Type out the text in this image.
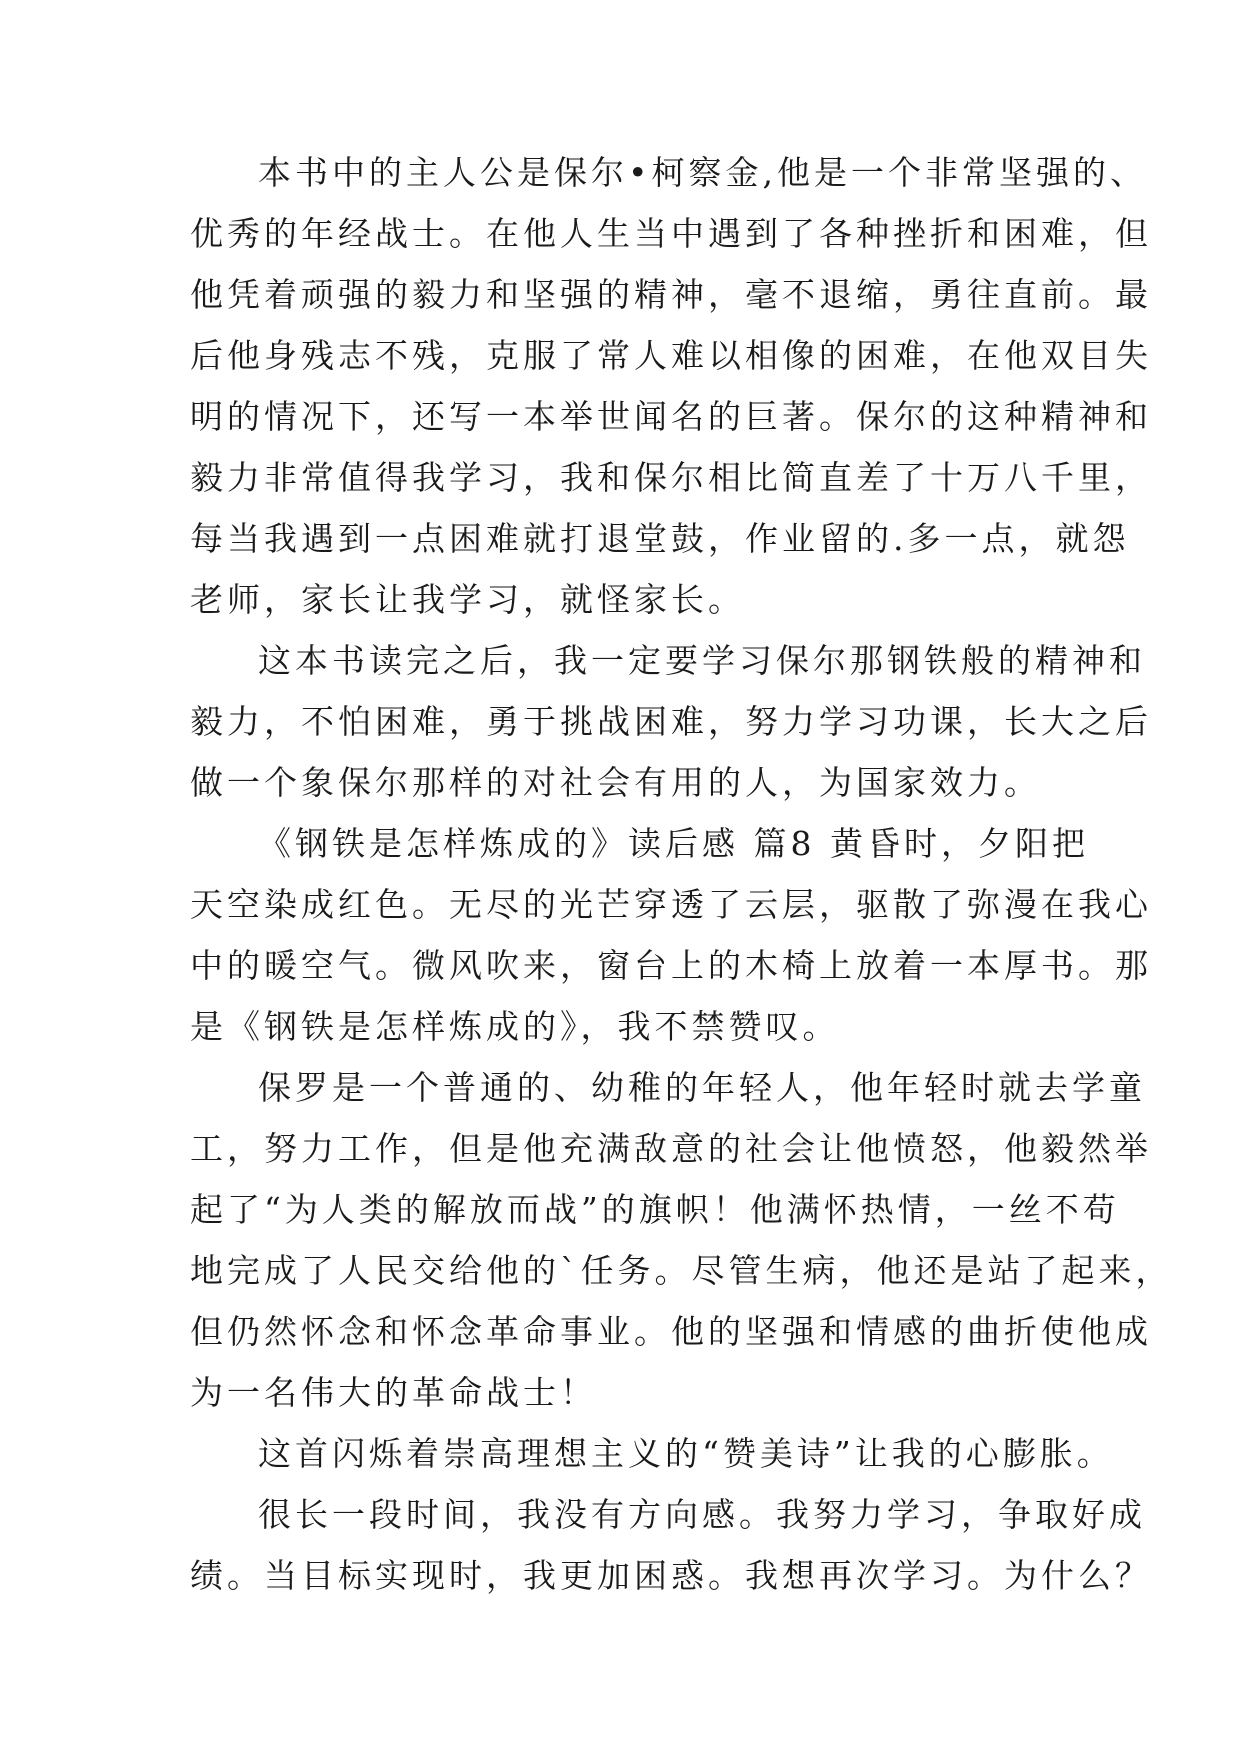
本书中的主人公是保尔•柯察金,他是一个非常坚强的、
优秀的年经战士。在他人生当中遇到了各种挫折和困难，但
他凭着顽强的毅力和坚强的精神，毫不退缩，勇往直前。最
后他身残志不残，克服了常人难以相像的困难，在他双目失
明的情况下，还写一本举世闻名的巨著。保尔的这种精神和
毅力非常值得我学习，我和保尔相比简直差了十万八千里，
每当我遇到一点困难就打退堂鼓，作业留的.多一点，就怨
老师，家长让我学习，就怪家长。
这本书读完之后，我一定要学习保尔那钢铁般的精神和
毅力，不怕困难，勇于挑战困难，努力学习功课，长大之后
做一个象保尔那样的对社会有用的人，为国家效力。
《钢铁是怎样炼成的》读后感 篇8 黄昏时，夕阳把
天空染成红色。无尽的光芒穿透了云层，驱散了弥漫在我心
中的暖空气。微风吹来，窗台上的木椅上放着一本厚书。那
是《钢铁是怎样炼成的》，我不禁赞叹。
保罗是一个普通的、幼稚的年轻人，他年轻时就去学童
工，努力工作，但是他充满敌意的社会让他愤怒，他毅然举
起了“为人类的解放而战”的旗帜！他满怀热情，一丝不苟
地完成了人民交给他的`任务。尽管生病，他还是站了起来，
但仍然怀念和怀念革命事业。他的坚强和情感的曲折使他成
为一名伟大的革命战士！
这首闪烁着崇高理想主义的“赞美诗”让我的心膨胀。
很长一段时间，我没有方向感。我努力学习，争取好成
绩。当目标实现时，我更加困惑。我想再次学习。为什么？
